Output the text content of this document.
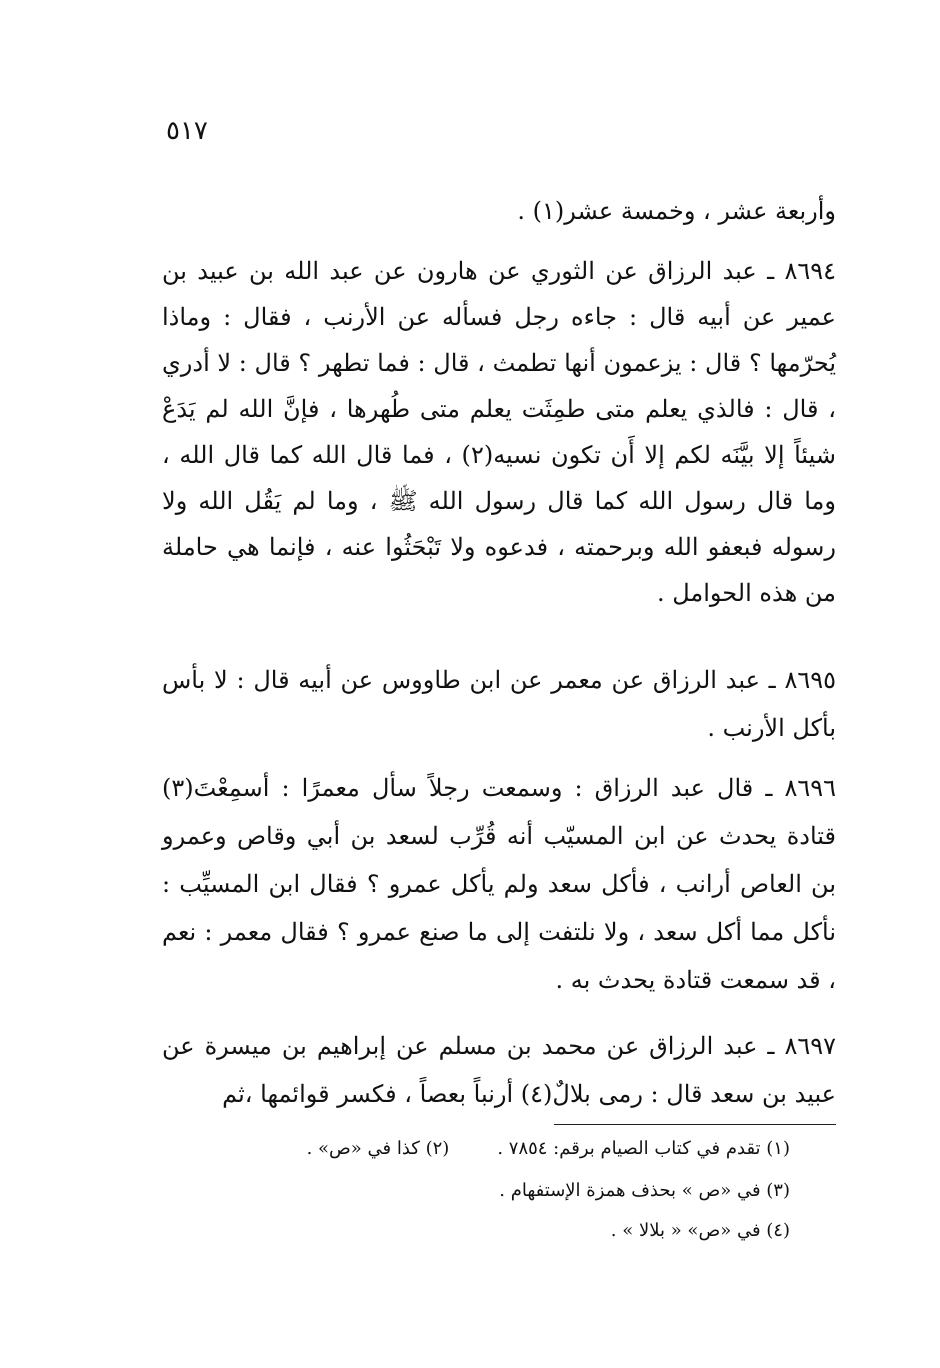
٥١٧
وأربعة عشر ، وخمسة عشر(١) .
٨٦٩٤ ـ عبد الرزاق عن الثوري عن هارون عن عبد الله بن عبيد بن عمير عن أبيه قال : جاءه رجل فسأله عن الأرنب ، فقال : وماذا يُحرّمها ؟ قال : يزعمون أنها تطمث ، قال : فما تطهر ؟ قال : لا أدري ، قال : فالذي يعلم متى طمِثَت يعلم متى طُهرها ، فإنَّ الله لم يَدَعْ شيئاً إلا بيَّنَه لكم إلا أَن تكون نسيه(٢) ، فما قال الله كما قال الله ، وما قال رسول الله كما قال رسول الله ﷺ ، وما لم يَقُل الله ولا رسوله فبعفو الله وبرحمته ، فدعوه ولا تَبْحَثُوا عنه ، فإنما هي حاملة من هذه الحوامل .
٨٦٩٥ ـ عبد الرزاق عن معمر عن ابن طاووس عن أبيه قال : لا بأس بأكل الأرنب .
٨٦٩٦ ـ قال عبد الرزاق : وسمعت رجلاً سأل معمرًا : أسمِعْتَ(٣) قتادة يحدث عن ابن المسيّب أنه قُرِّب لسعد بن أبي وقاص وعمرو بن العاص أرانب ، فأكل سعد ولم يأكل عمرو ؟ فقال ابن المسيِّب : نأكل مما أكل سعد ، ولا نلتفت إلى ما صنع عمرو ؟ فقال معمر : نعم ، قد سمعت قتادة يحدث به .
٨٦٩٧ ـ عبد الرزاق عن محمد بن مسلم عن إبراهيم بن ميسرة عن عبيد بن سعد قال : رمى بلالٌ(٤) أرنباً بعصاً ، فكسر قوائمها ،ثم
(١) تقدم في كتاب الصيام برقم: ٧٨٥٤ .(٢) كذا في «ص» .
(٣) في «ص » بحذف همزة الإستفهام .
(٤) في «ص» « بلالا » .
